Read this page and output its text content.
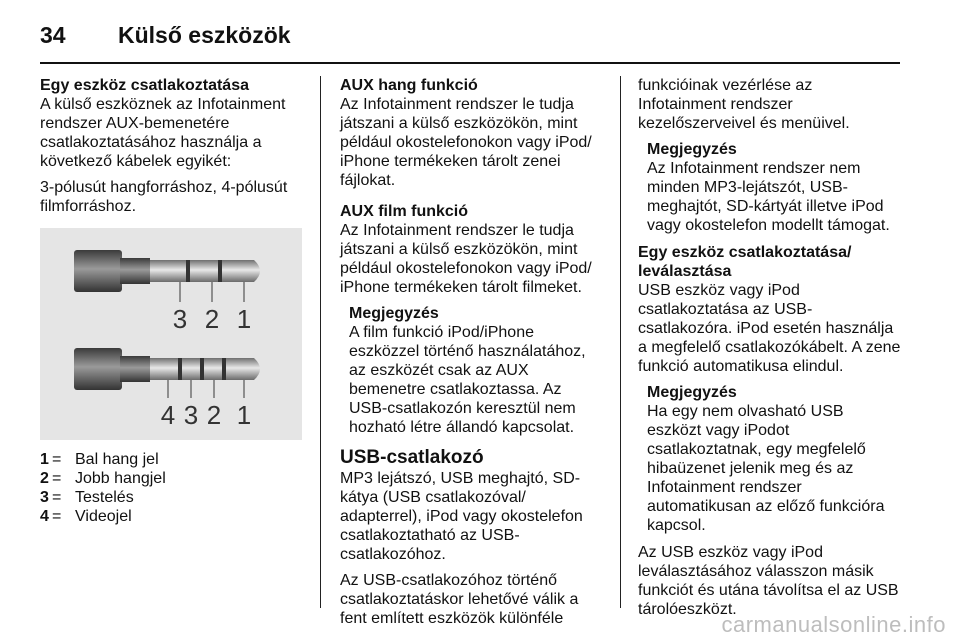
34	Külső eszközök

Egy eszköz csatlakoztatása

A külső eszköznek az Infotainment rendszer AUX-bemenetére csatlakoztatásához használja a következő kábelek egyikét:

3-pólusút hangforráshoz, 4-pólusút filmforráshoz.

3 2 1
4 3 2 1
1 = Bal hang jel
2 = Jobb hangjel
3 = Testelés
4 = Videojel

AUX hang funkció

Az Infotainment rendszer le tudja játszani a külső eszközökön, mint például okostelefonokon vagy iPod/ iPhone termékeken tárolt zenei fájlokat.

AUX film funkció

Az Infotainment rendszer le tudja játszani a külső eszközökön, mint például okostelefonokon vagy iPod/ iPhone termékeken tárolt filmeket.

Megjegyzés
A film funkció iPod/iPhone eszközzel történő használatához, az eszközét csak az AUX bemenetre csatlakoztassa. Az USB-csatlakozón keresztül nem hozható létre állandó kapcsolat.

USB-csatlakozó

MP3 lejátszó, USB meghajtó, SD-kátya (USB csatlakozóval/ adapterrel), iPod vagy okostelefon csatlakoztatható az USB-csatlakozóhoz.

Az USB-csatlakozóhoz történő csatlakoztatáskor lehetővé válik a fent említett eszközök különféle

funkcióinak vezérlése az Infotainment rendszer kezelőszerveivel és menüivel.

Megjegyzés
Az Infotainment rendszer nem minden MP3-lejátszót, USB-meghajtót, SD-kártyát illetve iPod vagy okostelefon modellt támogat.

Egy eszköz csatlakoztatása/ leválasztása

USB eszköz vagy iPod csatlakoztatása az USB-csatlakozóra. iPod esetén használja a megfelelő csatlakozókábelt. A zene funkció automatikusa elindul.

Megjegyzés
Ha egy nem olvasható USB eszközt vagy iPodot csatlakoztatnak, egy megfelelő hibaüzenet jelenik meg és az Infotainment rendszer automatikusan az előző funkcióra kapcsol.

Az USB eszköz vagy iPod leválasztásához válasszon másik funkciót és utána távolítsa el az USB tárolóeszközt.

carmanualsonline.info
